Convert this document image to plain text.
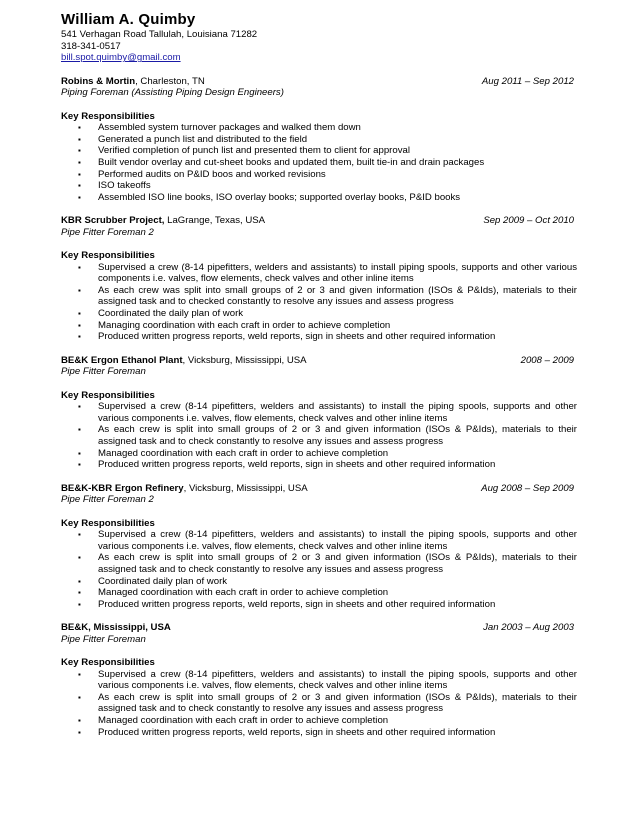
William A. Quimby

541 Verhagan Road Tallulah, Louisiana 71282

318-341-0517

bill.spot.quimby@gmail.com

Robins & Mortin, Charleston, TN	Aug 2011 – Sep 2012

Piping Foreman (Assisting Piping Design Engineers)

Key Responsibilities
▪ Assembled system turnover packages and walked them down
▪ Generated a punch list and distributed to the field
▪ Verified completion of punch list and presented them to client for approval
▪ Built vendor overlay and cut-sheet books and updated them, built tie-in and drain packages
▪ Performed audits on P&ID boos and worked revisions
▪ ISO takeoffs
▪ Assembled ISO line books, ISO overlay books; supported overlay books, P&ID books
KBR Scrubber Project, LaGrange, Texas, USA	Sep 2009 – Oct 2010

Pipe Fitter Foreman 2

Key Responsibilities
▪ Supervised a crew (8-14 pipefitters, welders and assistants) to install piping spools, supports and other various components i.e. valves, flow elements, check valves and other inline items
▪ As each crew was split into small groups of 2 or 3 and given information (ISOs & P&Ids), materials to their assigned task and to checked constantly to resolve any issues and assess progress
▪ Coordinated the daily plan of work
▪ Managing coordination with each craft in order to achieve completion
▪ Produced written progress reports, weld reports, sign in sheets and other required information
BE&K Ergon Ethanol Plant, Vicksburg, Mississippi, USA	2008 – 2009

Pipe Fitter Foreman

Key Responsibilities
▪ Supervised a crew (8-14 pipefitters, welders and assistants) to install the piping spools, supports and other various components i.e. valves, flow elements, check valves and other inline items
▪ As each crew is split into small groups of 2 or 3 and given information (ISOs & P&Ids), materials to their assigned task and to check constantly to resolve any issues and assess progress
▪ Managed coordination with each craft in order to achieve completion
▪ Produced written progress reports, weld reports, sign in sheets and other required information
BE&K-KBR Ergon Refinery, Vicksburg, Mississippi, USA	Aug 2008 – Sep 2009

Pipe Fitter Foreman 2

Key Responsibilities
▪ Supervised a crew (8-14 pipefitters, welders and assistants) to install the piping spools, supports and other various components i.e. valves, flow elements, check valves and other inline items
▪ As each crew is split into small groups of 2 or 3 and given information (ISOs & P&Ids), materials to their assigned task and to check constantly to resolve any issues and assess progress
▪ Coordinated daily plan of work
▪ Managed coordination with each craft in order to achieve completion
▪ Produced written progress reports, weld reports, sign in sheets and other required information
BE&K, Mississippi, USA	Jan 2003 – Aug 2003

Pipe Fitter Foreman

Key Responsibilities
▪ Supervised a crew (8-14 pipefitters, welders and assistants) to install the piping spools, supports and other various components i.e. valves, flow elements, check valves and other inline items
▪ As each crew is split into small groups of 2 or 3 and given information (ISOs & P&Ids), materials to their assigned task and to check constantly to resolve any issues and assess progress
▪ Managed coordination with each craft in order to achieve completion
▪ Produced written progress reports, weld reports, sign in sheets and other required information
